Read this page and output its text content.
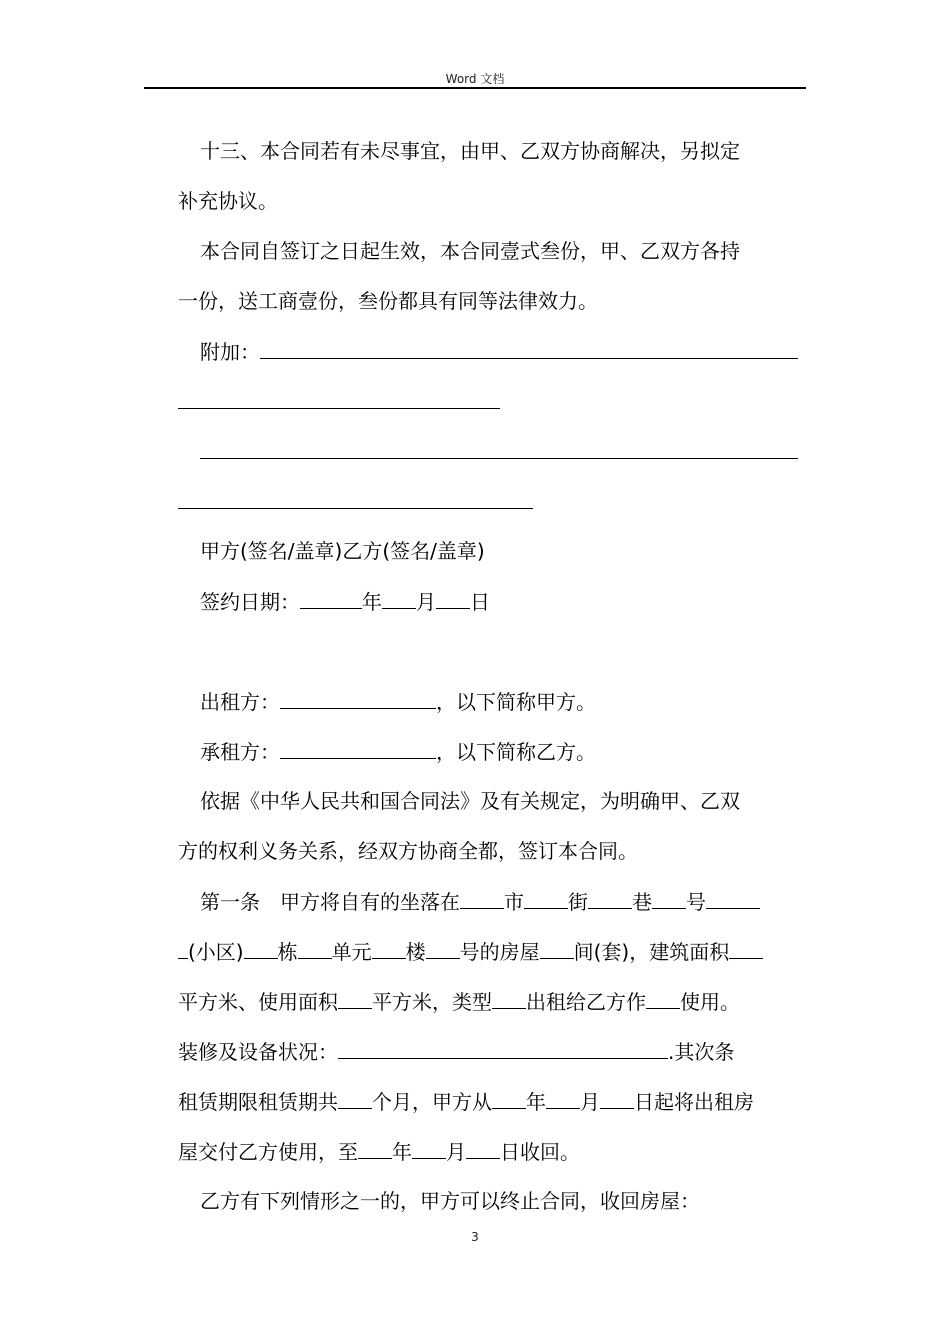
Word 文档
十三、本合同若有未尽事宜，由甲、乙双方协商解决，另拟定
补充协议。
本合同自签订之日起生效，本合同壹式叁份，甲、乙双方各持
一份，送工商壹份，叁份都具有同等法律效力。
附加：
甲方(签名/盖章)乙方(签名/盖章)
签约日期：	年 月 日
出租方：	，以下简称甲方。
承租方：	，以下简称乙方。
依据《中华人民共和国合同法》及有关规定，为明确甲、乙双
方的权利义务关系，经双方协商全都，签订本合同。
第一条　甲方将自有的坐落在 市 街 巷 号
(小区) 栋 单元 楼 号的房屋 间(套)，建筑面积
平方米、使用面积 平方米，类型 出租给乙方作 使用。
装修及设备状况：	.其次条
租赁期限租赁期共 个月，甲方从 年 月 日起将出租房
屋交付乙方使用，至 年 月 日收回。
乙方有下列情形之一的，甲方可以终止合同，收回房屋：
3
